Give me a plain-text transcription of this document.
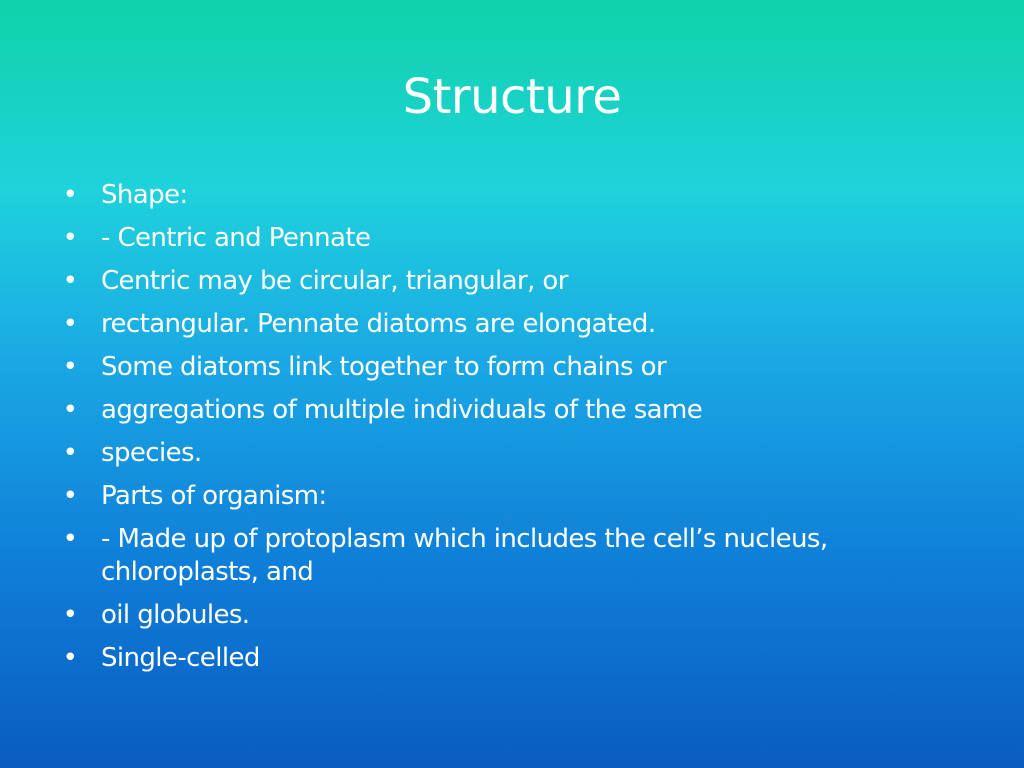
Structure
• Shape:
• - Centric and Pennate
• Centric may be circular, triangular, or
• rectangular. Pennate diatoms are elongated.
• Some diatoms link together to form chains or
• aggregations of multiple individuals of the same
• species.
• Parts of organism:
• - Made up of protoplasm which includes the cell’s nucleus, chloroplasts, and
• oil globules.
• Single-celled
